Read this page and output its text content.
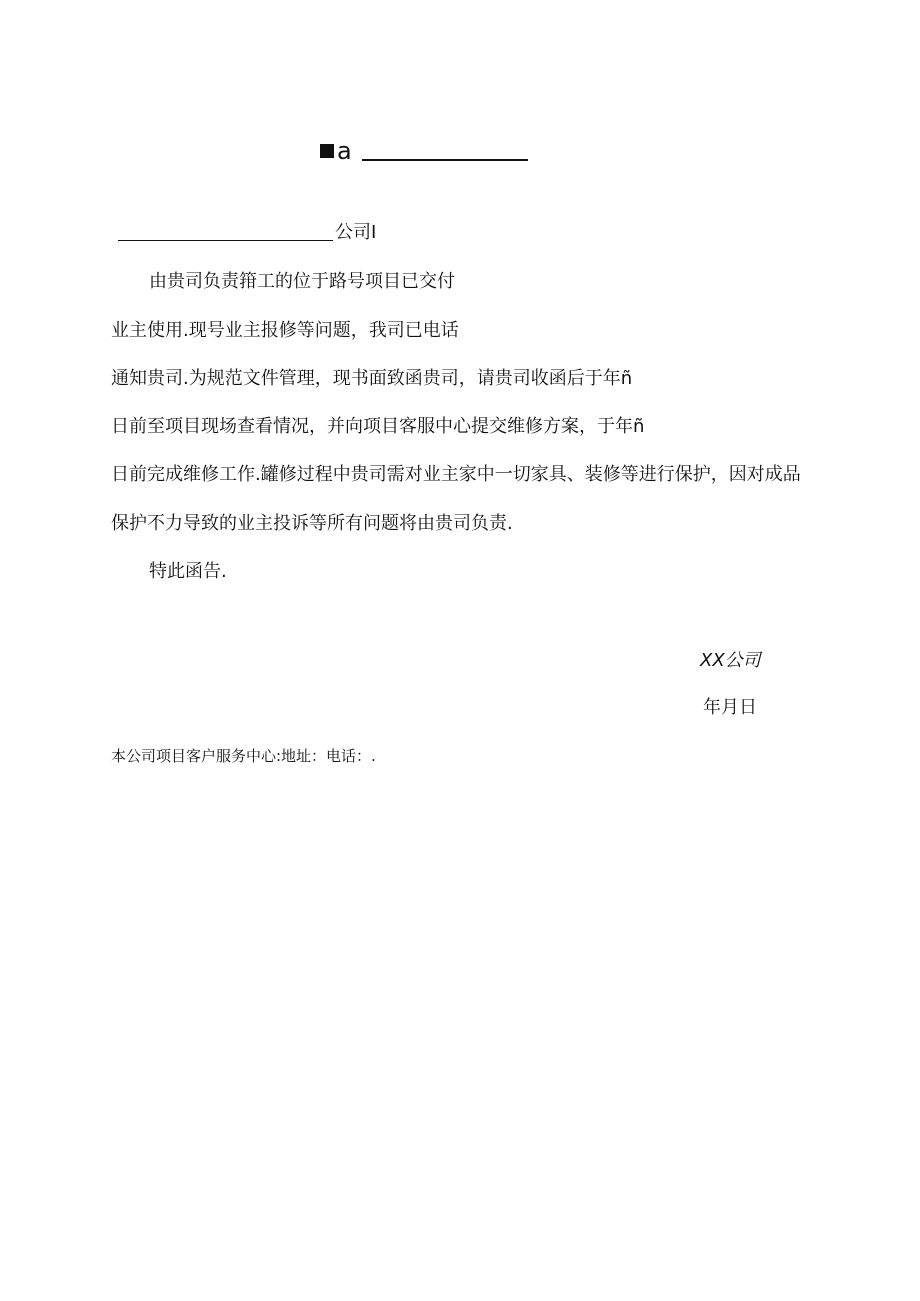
a
公司I
由贵司负责箝工的位于路号项目已交付
业主使用.现号业主报修等问题，我司已电话
通知贵司.为规范文件管理，现书面致函贵司，请贵司收函后于年ñ
日前至项目现场查看情况，并向项目客服中心提交维修方案，于年ñ
日前完成维修工作.罐修过程中贵司需对业主家中一切家具、装修等进行保护，因对成品
保护不力导致的业主投诉等所有问题将由贵司负责.
特此函告.
XX公司
年月日
本公司项目客户服务中心:地址：电话：.
